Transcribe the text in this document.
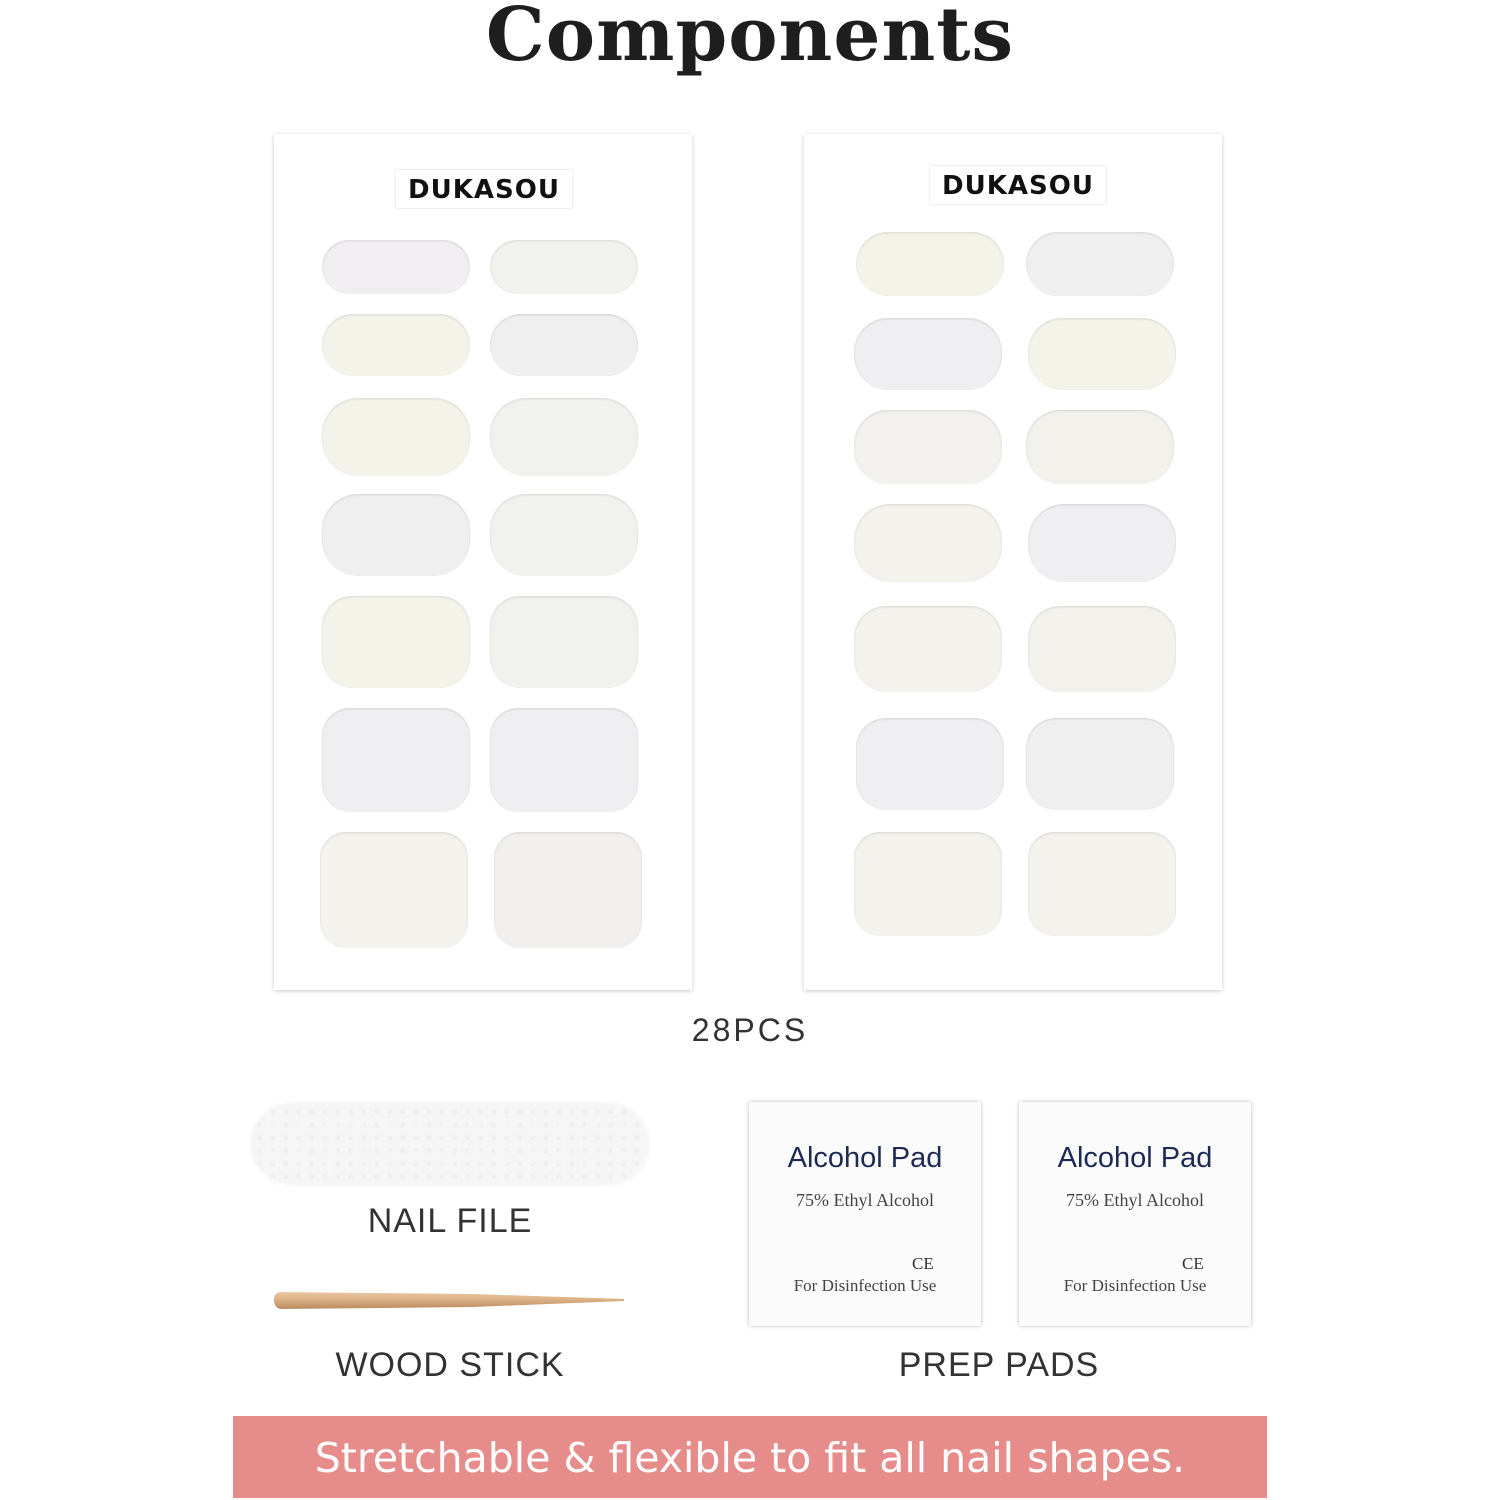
Components
DUKASOU	DUKASOU
28PCS
NAIL FILE
WOOD STICK
Alcohol Pad
75% Ethyl Alcohol
CE
For Disinfection Use
Alcohol Pad
75% Ethyl Alcohol
CE
For Disinfection Use
PREP PADS
Stretchable & flexible to fit all nail shapes.
